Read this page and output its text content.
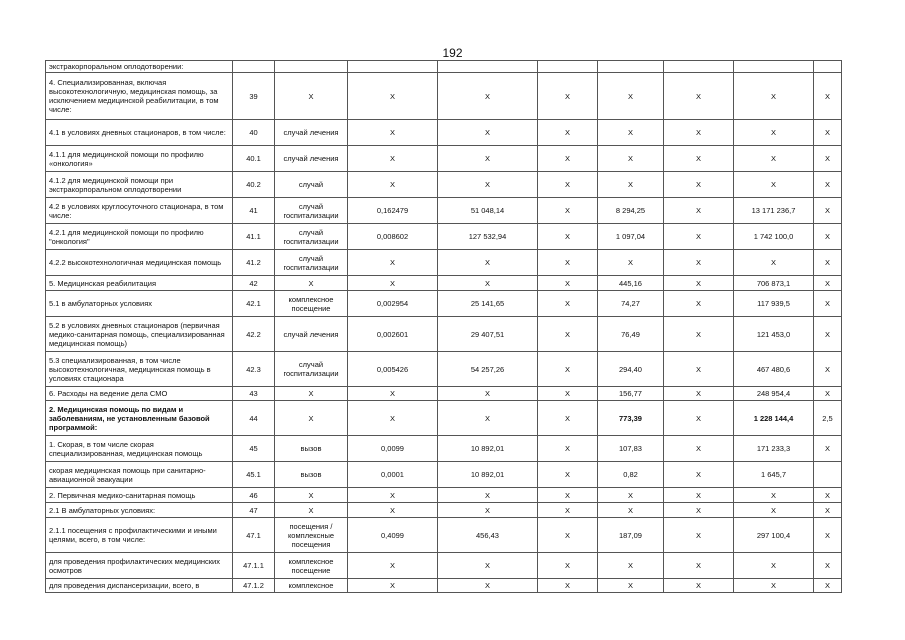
192
экстракорпоральном оплодотворении:									
4. Специализированная, включая высокотехнологичную, медицинская помощь, за исключением медицинской реабилитации, в том числе:	39	Х	Х	Х	Х	Х	Х	Х	Х
4.1 в условиях дневных стационаров, в том числе:	40	случай лечения	Х	Х	Х	Х	Х	Х	Х
4.1.1 для медицинской помощи по профилю «онкология»	40.1	случай лечения	Х	Х	Х	Х	Х	Х	Х
4.1.2 для медицинской помощи при экстракорпоральном оплодотворении	40.2	случай	Х	Х	Х	Х	Х	Х	Х
4.2 в условиях круглосуточного стационара, в том числе:	41	случай госпитализации	0,162479	51 048,14	Х	8 294,25	Х	13 171 236,7	Х
4.2.1 для медицинской помощи по профилю "онкология"	41.1	случай госпитализации	0,008602	127 532,94	Х	1 097,04	Х	1 742 100,0	Х
4.2.2 высокотехнологичная медицинская помощь	41.2	случай госпитализации	Х	Х	Х	Х	Х	Х	Х
5. Медицинская реабилитация	42	Х	Х	Х	Х	445,16	Х	706 873,1	Х
5.1 в амбулаторных условиях	42.1	комплексное посещение	0,002954	25 141,65	Х	74,27	Х	117 939,5	Х
5.2 в условиях дневных стационаров (первичная медико-санитарная помощь, специализированная медицинская помощь)	42.2	случай лечения	0,002601	29 407,51	Х	76,49	Х	121 453,0	Х
5.3 специализированная, в том числе высокотехнологичная, медицинская помощь в условиях стационара	42.3	случай госпитализации	0,005426	54 257,26	Х	294,40	Х	467 480,6	Х
6. Расходы на ведение дела СМО	43	Х	Х	Х	Х	156,77	Х	248 954,4	Х
2. Медицинская помощь по видам и заболеваниям, не установленным базовой программой:	44	Х	Х	Х	Х	773,39	Х	1 228 144,4	2,5
1. Скорая, в том числе скорая специализированная, медицинская помощь	45	вызов	0,0099	10 892,01	Х	107,83	Х	171 233,3	Х
скорая медицинская помощь при санитарно-авиационной эвакуации	45.1	вызов	0,0001	10 892,01	Х	0,82	Х	1 645,7	
2. Первичная медико-санитарная помощь	46	Х	Х	Х	Х	Х	Х	Х	Х
2.1 В амбулаторных условиях:	47	Х	Х	Х	Х	Х	Х	Х	Х
2.1.1 посещения с профилактическими и иными целями, всего, в том числе:	47.1	посещения / комплексные посещения	0,4099	456,43	Х	187,09	Х	297 100,4	Х
для проведения профилактических медицинских осмотров	47.1.1	комплексное посещение	Х	Х	Х	Х	Х	Х	Х
для проведения диспансеризации, всего, в	47.1.2	комплексное	Х	Х	Х	Х	Х	Х	Х
